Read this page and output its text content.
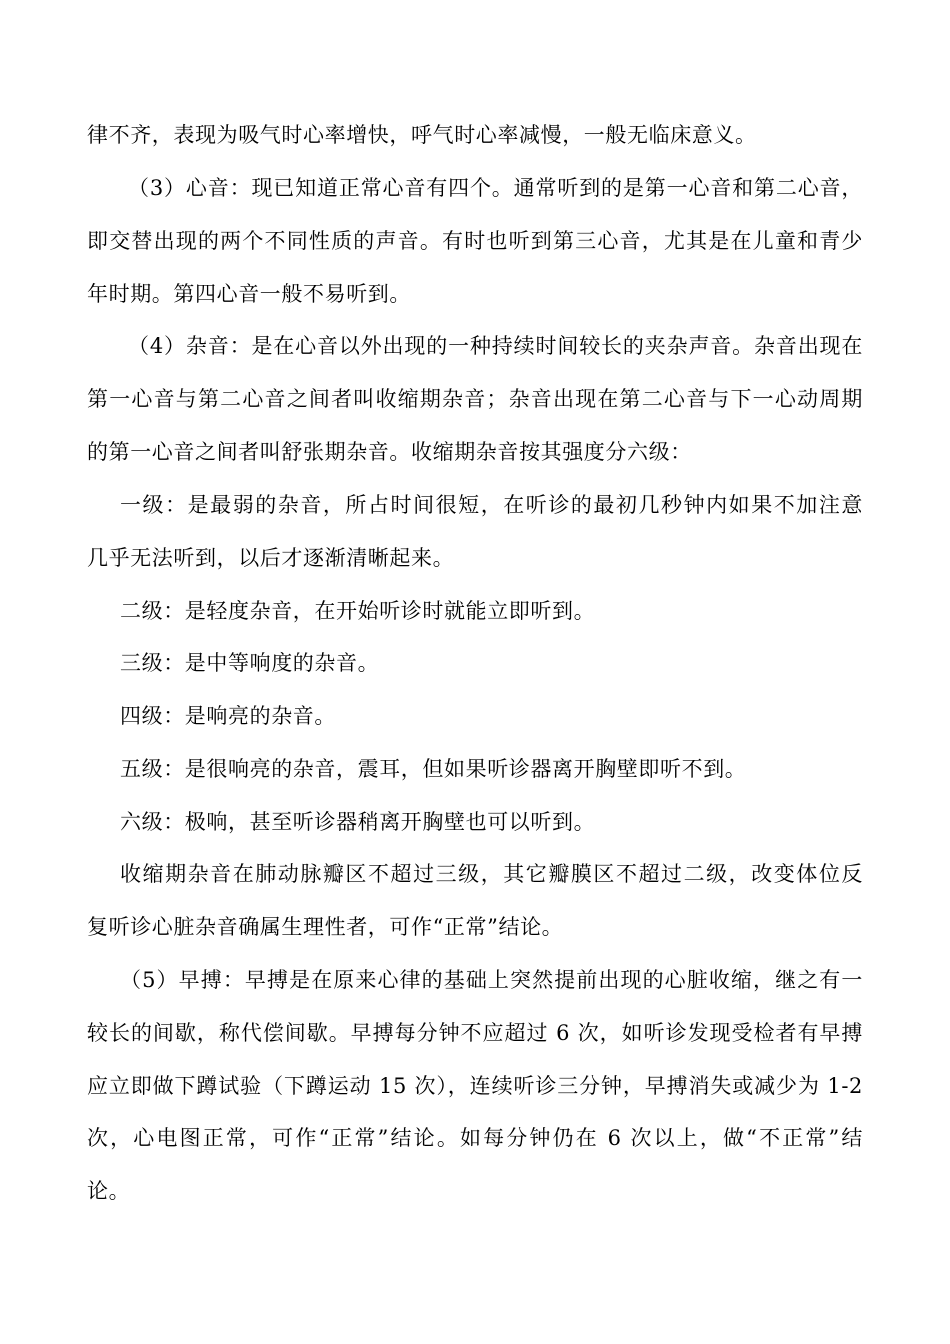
律不齐，表现为吸气时心率增快，呼气时心率减慢，一般无临床意义。
（3）心音：现已知道正常心音有四个。通常听到的是第一心音和第二心音，
即交替出现的两个不同性质的声音。有时也听到第三心音，尤其是在儿童和青少
年时期。第四心音一般不易听到。
（4）杂音：是在心音以外出现的一种持续时间较长的夹杂声音。杂音出现在
第一心音与第二心音之间者叫收缩期杂音；杂音出现在第二心音与下一心动周期
的第一心音之间者叫舒张期杂音。收缩期杂音按其强度分六级：
一级：是最弱的杂音，所占时间很短，在听诊的最初几秒钟内如果不加注意
几乎无法听到，以后才逐渐清晰起来。
二级：是轻度杂音，在开始听诊时就能立即听到。
三级：是中等响度的杂音。
四级：是响亮的杂音。
五级：是很响亮的杂音，震耳，但如果听诊器离开胸壁即听不到。
六级：极响，甚至听诊器稍离开胸壁也可以听到。
收缩期杂音在肺动脉瓣区不超过三级，其它瓣膜区不超过二级，改变体位反
复听诊心脏杂音确属生理性者，可作“正常”结论。
（5）早搏：早搏是在原来心律的基础上突然提前出现的心脏收缩，继之有一
较长的间歇，称代偿间歇。早搏每分钟不应超过 6 次，如听诊发现受检者有早搏
应立即做下蹲试验（下蹲运动 15 次），连续听诊三分钟，早搏消失或减少为 1-2
次，心电图正常，可作“正常”结论。如每分钟仍在 6 次以上，做“不正常”结
论。
